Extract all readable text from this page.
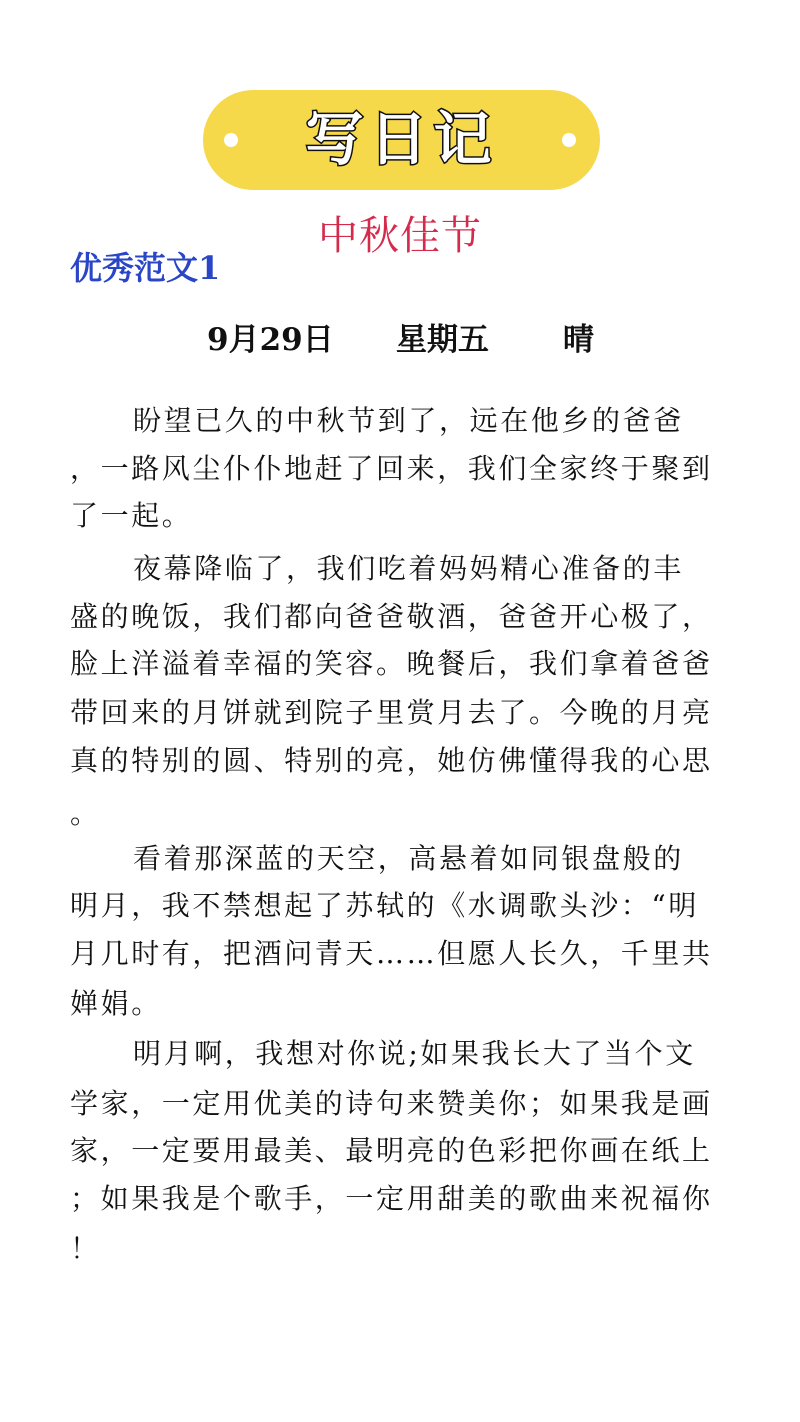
写日记
中秋佳节
优秀范文1
9月29日 星期五 晴
盼望已久的中秋节到了，远在他乡的爸爸
，一路风尘仆仆地赶了回来，我们全家终于聚到
了一起。
夜幕降临了，我们吃着妈妈精心准备的丰
盛的晚饭，我们都向爸爸敬酒，爸爸开心极了，
脸上洋溢着幸福的笑容。晚餐后，我们拿着爸爸
带回来的月饼就到院子里赏月去了。今晚的月亮
真的特别的圆、特别的亮，她仿佛懂得我的心思
。
看着那深蓝的天空，高悬着如同银盘般的
明月，我不禁想起了苏轼的《水调歌头沙：“明
月几时有，把酒问青天……但愿人长久，千里共
婵娟。
明月啊，我想对你说;如果我长大了当个文
学家，一定用优美的诗句来赞美你；如果我是画
家，一定要用最美、最明亮的色彩把你画在纸上
；如果我是个歌手，一定用甜美的歌曲来祝福你
！
